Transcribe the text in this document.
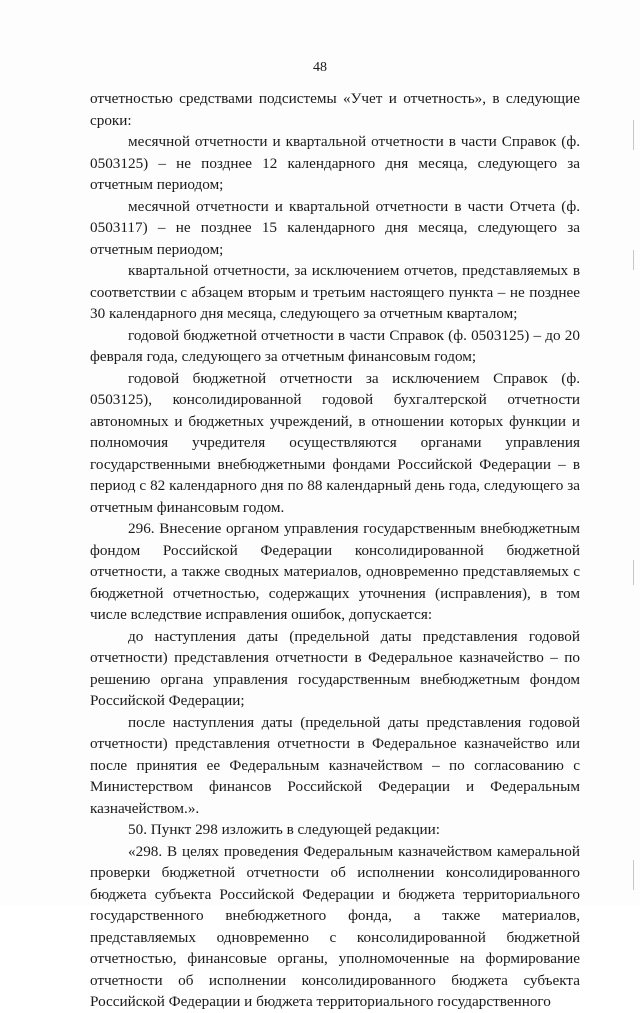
48

отчетностью средствами подсистемы «Учет и отчетность», в следующие сроки:

месячной отчетности и квартальной отчетности в части Справок (ф. 0503125) – не позднее 12 календарного дня месяца, следующего за отчетным периодом;

месячной отчетности и квартальной отчетности в части Отчета (ф. 0503117) – не позднее 15 календарного дня месяца, следующего за отчетным периодом;

квартальной отчетности, за исключением отчетов, представляемых в соответствии с абзацем вторым и третьим настоящего пункта – не позднее 30 календарного дня месяца, следующего за отчетным кварталом;

годовой бюджетной отчетности в части Справок (ф. 0503125) – до 20 февраля года, следующего за отчетным финансовым годом;

годовой бюджетной отчетности за исключением Справок (ф. 0503125), консолидированной годовой бухгалтерской отчетности автономных и бюджетных учреждений, в отношении которых функции и полномочия учредителя осуществляются органами управления государственными внебюджетными фондами Российской Федерации – в период с 82 календарного дня по 88 календарный день года, следующего за отчетным финансовым годом.

296. Внесение органом управления государственным внебюджетным фондом Российской Федерации консолидированной бюджетной отчетности, а также сводных материалов, одновременно представляемых с бюджетной отчетностью, содержащих уточнения (исправления), в том числе вследствие исправления ошибок, допускается:

до наступления даты (предельной даты представления годовой отчетности) представления отчетности в Федеральное казначейство – по решению органа управления государственным внебюджетным фондом Российской Федерации;

после наступления даты (предельной даты представления годовой отчетности) представления отчетности в Федеральное казначейство или после принятия ее Федеральным казначейством – по согласованию с Министерством финансов Российской Федерации и Федеральным казначейством.».

50. Пункт 298 изложить в следующей редакции:

«298. В целях проведения Федеральным казначейством камеральной проверки бюджетной отчетности об исполнении консолидированного бюджета субъекта Российской Федерации и бюджета территориального государственного внебюджетного фонда, а также материалов, представляемых одновременно с консолидированной бюджетной отчетностью, финансовые органы, уполномоченные на формирование отчетности об исполнении консолидированного бюджета субъекта Российской Федерации и бюджета территориального государственного
